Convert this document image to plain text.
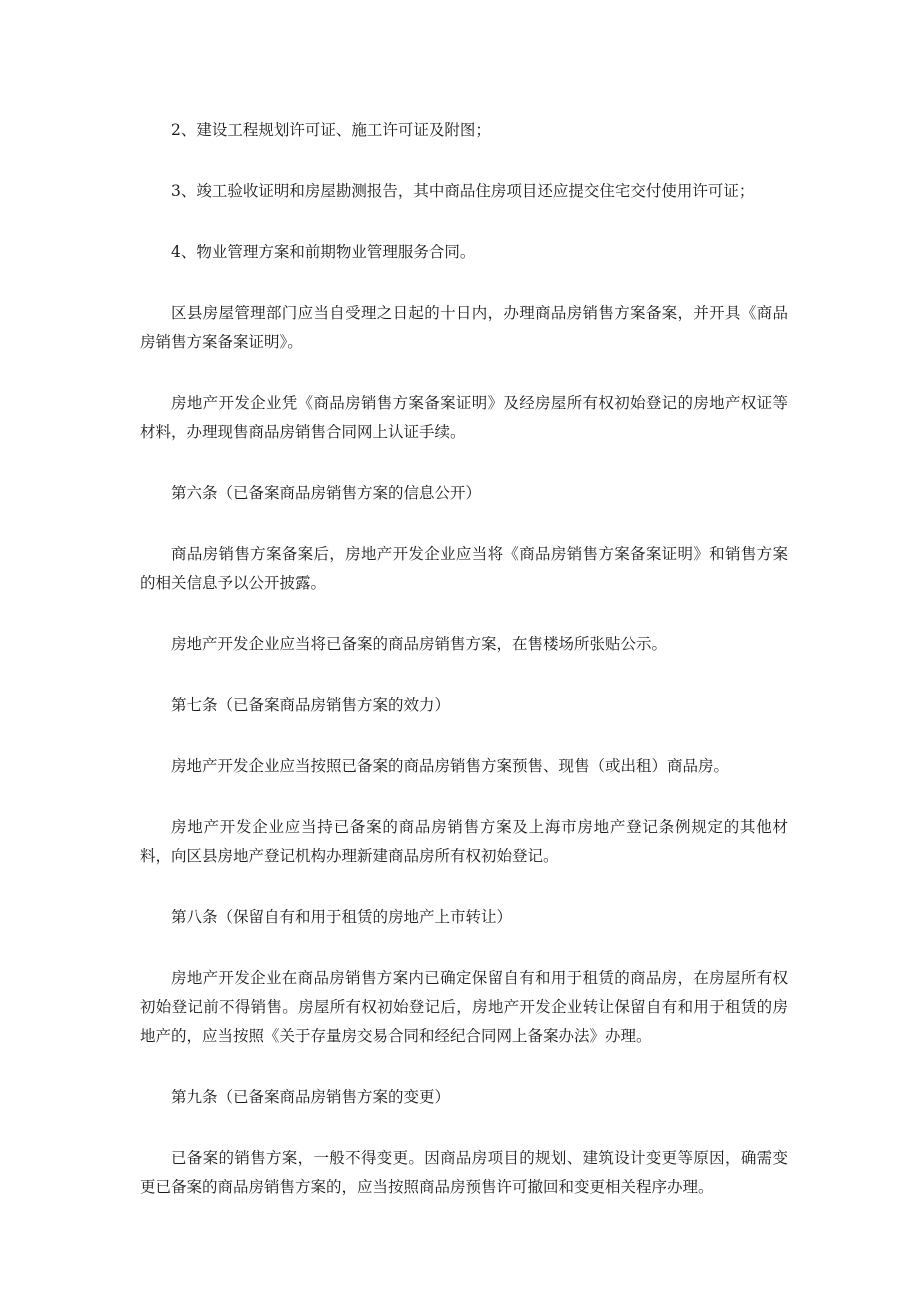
2、建设工程规划许可证、施工许可证及附图；

3、竣工验收证明和房屋勘测报告，其中商品住房项目还应提交住宅交付使用许可证；

4、物业管理方案和前期物业管理服务合同。

区县房屋管理部门应当自受理之日起的十日内，办理商品房销售方案备案，并开具《商品房销售方案备案证明》。

房地产开发企业凭《商品房销售方案备案证明》及经房屋所有权初始登记的房地产权证等材料，办理现售商品房销售合同网上认证手续。

第六条（已备案商品房销售方案的信息公开）

商品房销售方案备案后，房地产开发企业应当将《商品房销售方案备案证明》和销售方案的相关信息予以公开披露。

房地产开发企业应当将已备案的商品房销售方案，在售楼场所张贴公示。

第七条（已备案商品房销售方案的效力）

房地产开发企业应当按照已备案的商品房销售方案预售、现售（或出租）商品房。

房地产开发企业应当持已备案的商品房销售方案及上海市房地产登记条例规定的其他材料，向区县房地产登记机构办理新建商品房所有权初始登记。

第八条（保留自有和用于租赁的房地产上市转让）

房地产开发企业在商品房销售方案内已确定保留自有和用于租赁的商品房，在房屋所有权初始登记前不得销售。房屋所有权初始登记后，房地产开发企业转让保留自有和用于租赁的房地产的，应当按照《关于存量房交易合同和经纪合同网上备案办法》办理。

第九条（已备案商品房销售方案的变更）

已备案的销售方案，一般不得变更。因商品房项目的规划、建筑设计变更等原因，确需变更已备案的商品房销售方案的，应当按照商品房预售许可撤回和变更相关程序办理。
